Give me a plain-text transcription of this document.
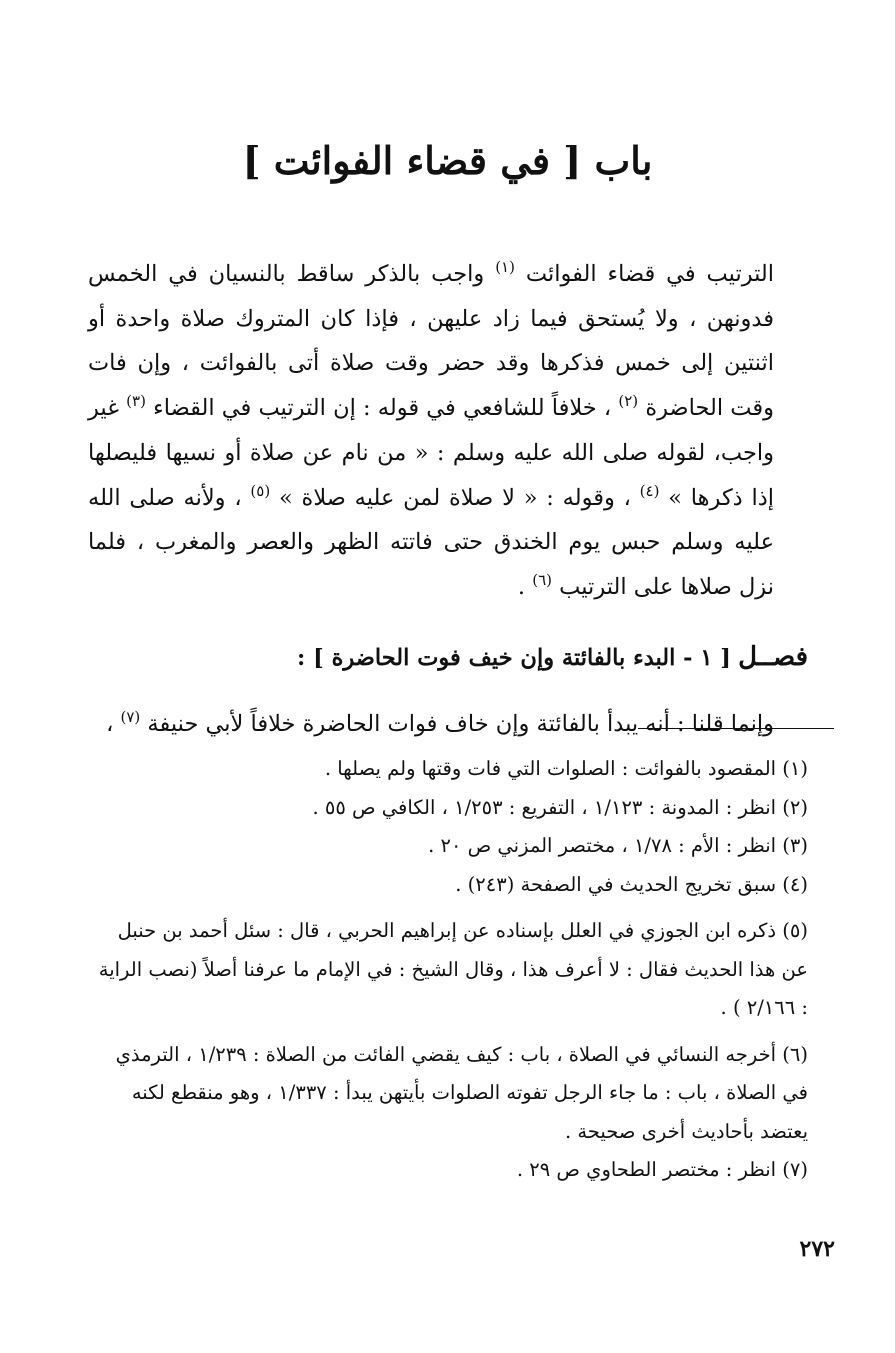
باب [ في قضاء الفوائت ]

الترتيب في قضاء الفوائت $^{(١)}$ واجب بالذكر ساقط بالنسيان في الخمس فدونهن ، ولا يُستحق فيما زاد عليهن ، فإذا كان المتروك صلاة واحدة أو اثنتين إلى خمس فذكرها وقد حضر وقت صلاة أتى بالفوائت ، وإن فات وقت الحاضرة $^{(٢)}$ ، خلافاً للشافعي في قوله : إن الترتيب في القضاء $^{(٣)}$ غير واجب، لقوله صلى الله عليه وسلم : « من نام عن صلاة أو نسيها فليصلها إذا ذكرها » $^{(٤)}$ ، وقوله : « لا صلاة لمن عليه صلاة » $^{(٥)}$ ، ولأنه صلى الله عليه وسلم حبس يوم الخندق حتى فاتته الظهر والعصر والمغرب ، فلما نزل صلاها على الترتيب $^{(٦)}$ .

فصــل [ ١ - البدء بالفائتة وإن خيف فوت الحاضرة ] :

وإنما قلنا : أنه يبدأ بالفائتة وإن خاف فوات الحاضرة خلافاً لأبي حنيفة $^{(٧)}$ ،

(١) المقصود بالفوائت : الصلوات التي فات وقتها ولم يصلها .

(٢) انظر : المدونة : ١/١٢٣ ، التفريع : ١/٢٥٣ ، الكافي ص ٥٥ .

(٣) انظر : الأم : ١/٧٨ ، مختصر المزني ص ٢٠ .

(٤) سبق تخريج الحديث في الصفحة (٢٤٣) .

(٥) ذكره ابن الجوزي في العلل بإسناده عن إبراهيم الحربي ، قال : سئل أحمد بن حنبل عن هذا الحديث فقال : لا أعرف هذا ، وقال الشيخ : في الإمام ما عرفنا أصلاً (نصب الراية : ٢/١٦٦ ) .

(٦) أخرجه النسائي في الصلاة ، باب : كيف يقضي الفائت من الصلاة : ١/٢٣٩ ، الترمذي في الصلاة ، باب : ما جاء الرجل تفوته الصلوات بأيتهن يبدأ : ١/٣٣٧ ، وهو منقطع لكنه يعتضد بأحاديث أخرى صحيحة .

(٧) انظر : مختصر الطحاوي ص ٢٩ .

٢٧٢
